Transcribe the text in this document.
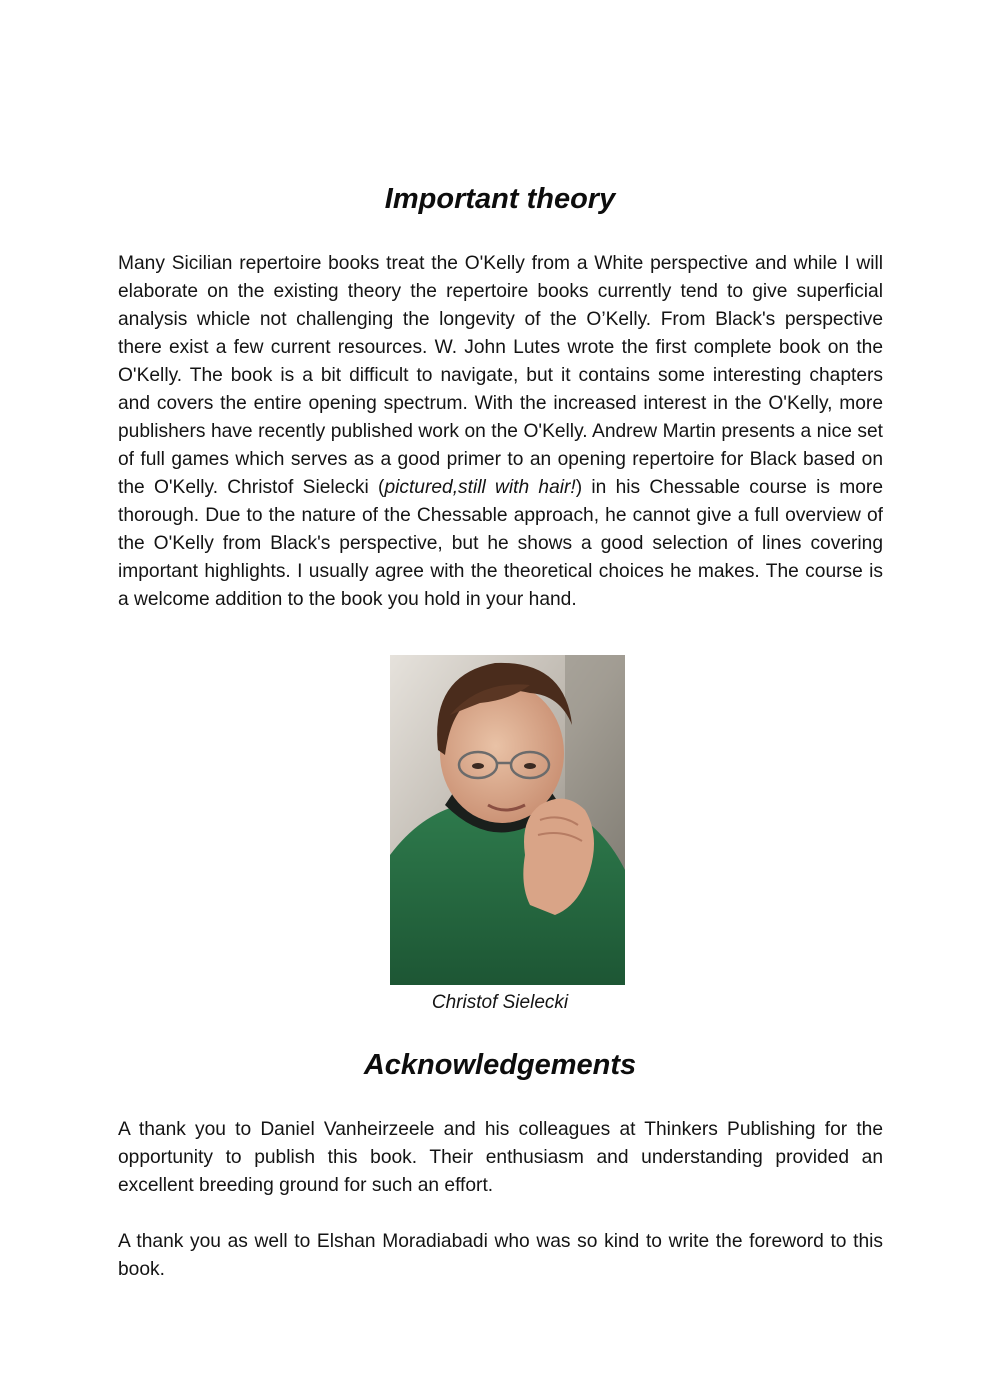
Important theory

Many Sicilian repertoire books treat the O'Kelly from a White perspective and while I will elaborate on the existing theory the repertoire books currently tend to give superficial analysis whicle not challenging the longevity of the O’Kelly. From Black's perspective there exist a few current resources. W. John Lutes wrote the first complete book on the O'Kelly. The book is a bit difficult to navigate, but it contains some interesting chapters and covers the entire opening spectrum. With the increased interest in the O'Kelly, more publishers have recently published work on the O'Kelly. Andrew Martin presents a nice set of full games which serves as a good primer to an opening repertoire for Black based on the O'Kelly. Christof Sielecki (pictured,still with hair!) in his Chessable course is more thorough. Due to the nature of the Chessable approach, he cannot give a full overview of the O'Kelly from Black's perspective, but he shows a good selection of lines covering important highlights. I usually agree with the theoretical choices he makes. The course is a welcome addition to the book you hold in your hand.

Christof Sielecki

Acknowledgements

A thank you to Daniel Vanheirzeele and his colleagues at Thinkers Publishing for the opportunity to publish this book. Their enthusiasm and understanding provided an excellent breeding ground for such an effort.

A thank you as well to Elshan Moradiabadi who was so kind to write the foreword to this book.
